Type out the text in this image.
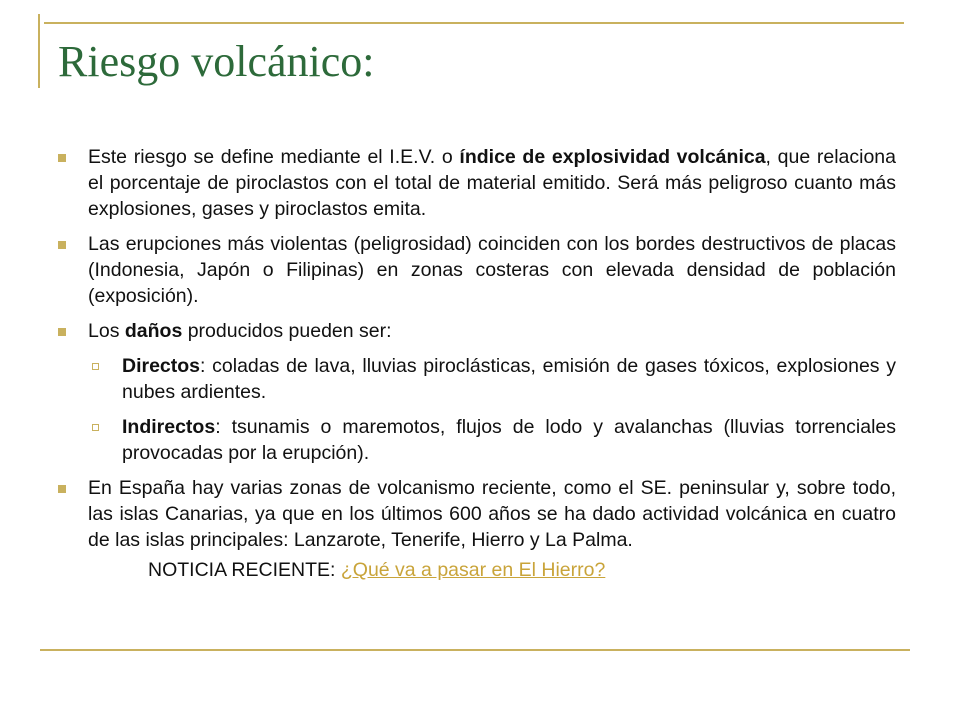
Riesgo volcánico:

Este riesgo se define mediante el I.E.V. o índice de explosividad volcánica, que relaciona el porcentaje de piroclastos con el total de material emitido. Será más peligroso cuanto más explosiones, gases y piroclastos emita.

Las erupciones más violentas (peligrosidad) coinciden con los bordes destructivos de placas (Indonesia, Japón o Filipinas) en zonas costeras con elevada densidad de población (exposición).

Los daños producidos pueden ser:

Directos: coladas de lava, lluvias piroclásticas, emisión de gases tóxicos, explosiones y nubes ardientes.

Indirectos: tsunamis o maremotos, flujos de lodo y avalanchas (lluvias torrenciales provocadas por la erupción).

En España hay varias zonas de volcanismo reciente, como el SE. peninsular y, sobre todo, las islas Canarias, ya que en los últimos 600 años se ha dado actividad volcánica en cuatro de las islas principales: Lanzarote, Tenerife, Hierro y La Palma.

NOTICIA RECIENTE: ¿Qué va a pasar en El Hierro?
